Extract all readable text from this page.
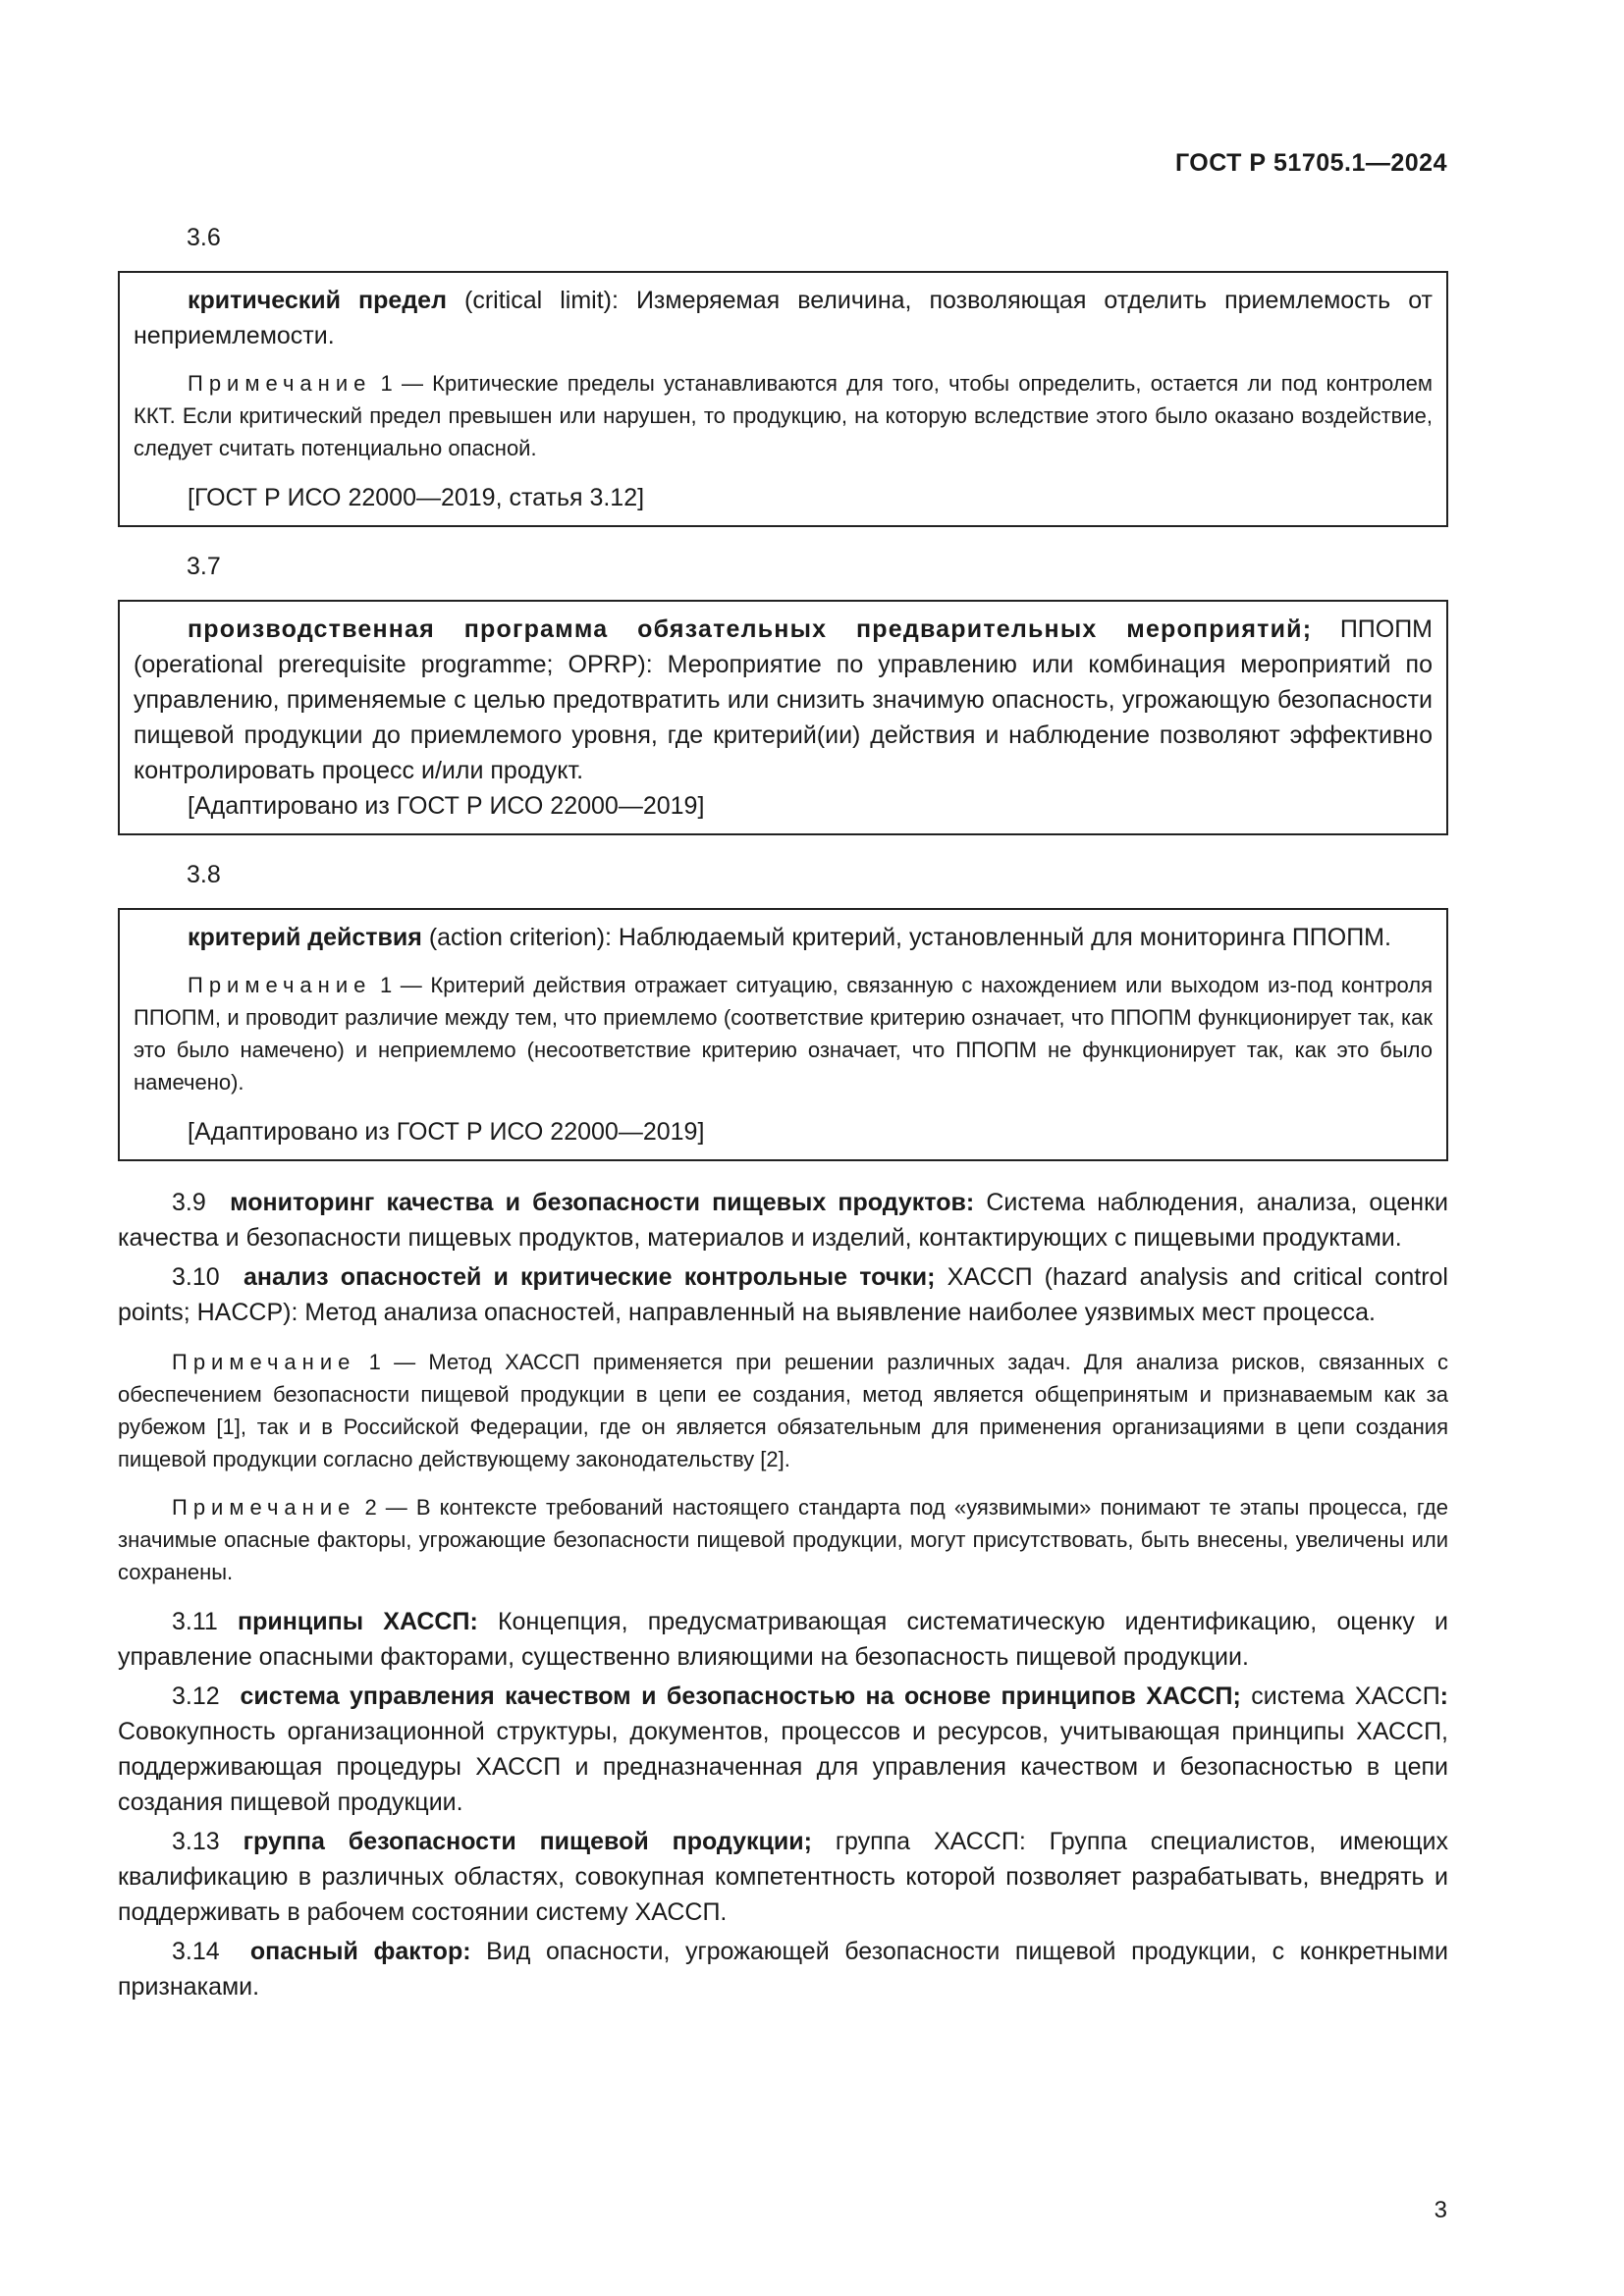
ГОСТ Р 51705.1—2024
3.6

критический предел (critical limit): Измеряемая величина, позволяющая отделить приемлемость от неприемлемости.

Примечание 1 — Критические пределы устанавливаются для того, чтобы определить, остается ли под контролем ККТ. Если критический предел превышен или нарушен, то продукцию, на которую вследствие этого было оказано воздействие, следует считать потенциально опасной.

[ГОСТ Р ИСО 22000—2019, статья 3.12]

3.7

производственная программа обязательных предварительных мероприятий; ППОПМ (operational prerequisite programme; OPRP): Мероприятие по управлению или комбинация мероприятий по управлению, применяемые с целью предотвратить или снизить значимую опасность, угрожающую безопасности пищевой продукции до приемлемого уровня, где критерий(ии) действия и наблюдение позволяют эффективно контролировать процесс и/или продукт.

[Адаптировано из ГОСТ Р ИСО 22000—2019]

3.8

критерий действия (action criterion): Наблюдаемый критерий, установленный для мониторинга ППОПМ.

Примечание 1 — Критерий действия отражает ситуацию, связанную с нахождением или выходом из-под контроля ППОПМ, и проводит различие между тем, что приемлемо (соответствие критерию означает, что ППОПМ функционирует так, как это было намечено) и неприемлемо (несоответствие критерию означает, что ППОПМ не функционирует так, как это было намечено).

[Адаптировано из ГОСТ Р ИСО 22000—2019]

3.9 мониторинг качества и безопасности пищевых продуктов: Система наблюдения, анализа, оценки качества и безопасности пищевых продуктов, материалов и изделий, контактирующих с пищевыми продуктами.

3.10 анализ опасностей и критические контрольные точки; ХАССП (hazard analysis and critical control points; HACCP): Метод анализа опасностей, направленный на выявление наиболее уязвимых мест процесса.

Примечание 1 — Метод ХАССП применяется при решении различных задач. Для анализа рисков, связанных с обеспечением безопасности пищевой продукции в цепи ее создания, метод является общепринятым и признаваемым как за рубежом [1], так и в Российской Федерации, где он является обязательным для применения организациями в цепи создания пищевой продукции согласно действующему законодательству [2].

Примечание 2 — В контексте требований настоящего стандарта под «уязвимыми» понимают те этапы процесса, где значимые опасные факторы, угрожающие безопасности пищевой продукции, могут присутствовать, быть внесены, увеличены или сохранены.

3.11 принципы ХАССП: Концепция, предусматривающая систематическую идентификацию, оценку и управление опасными факторами, существенно влияющими на безопасность пищевой продукции.

3.12 система управления качеством и безопасностью на основе принципов ХАССП; система ХАССП: Совокупность организационной структуры, документов, процессов и ресурсов, учитывающая принципы ХАССП, поддерживающая процедуры ХАССП и предназначенная для управления качеством и безопасностью в цепи создания пищевой продукции.

3.13 группа безопасности пищевой продукции; группа ХАССП: Группа специалистов, имеющих квалификацию в различных областях, совокупная компетентность которой позволяет разрабатывать, внедрять и поддерживать в рабочем состоянии систему ХАССП.

3.14 опасный фактор: Вид опасности, угрожающей безопасности пищевой продукции, с конкретными признаками.

3
